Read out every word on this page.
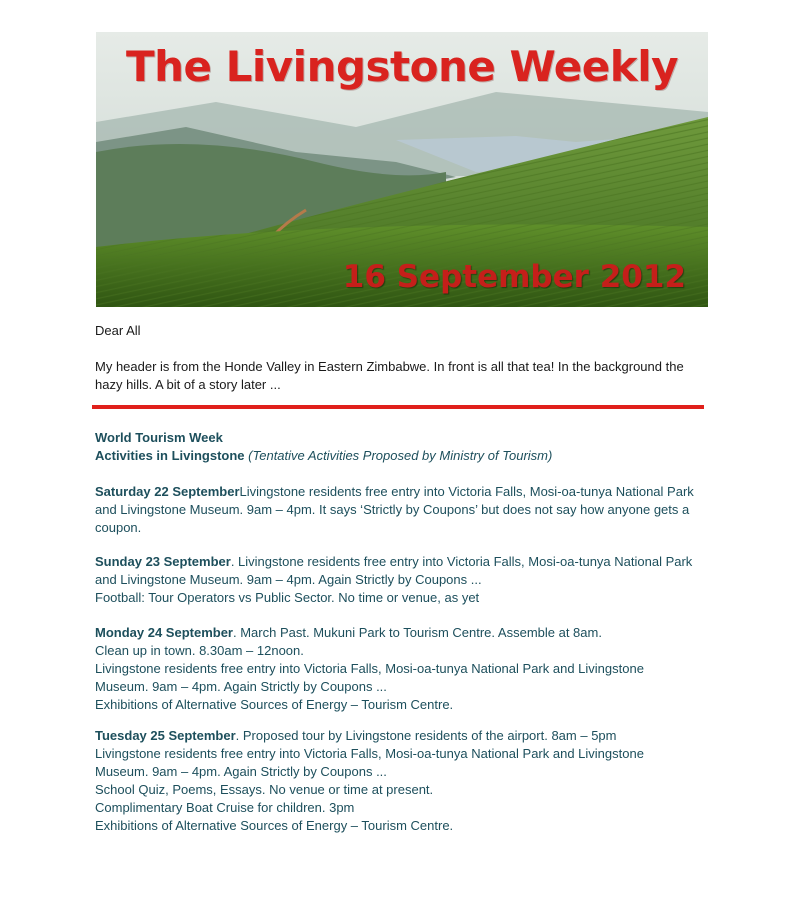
The Livingstone Weekly
16 September 2012
Dear All
My header is from the Honde Valley in Eastern Zimbabwe. In front is all that tea! In the background the hazy hills. A bit of a story later ...
World Tourism Week
Activities in Livingstone (Tentative Activities Proposed by Ministry of Tourism)
Saturday 22 SeptemberLivingstone residents free entry into Victoria Falls, Mosi-oa-tunya National Park
and Livingstone Museum. 9am – 4pm. It says ‘Strictly by Coupons’ but does not say how anyone gets a
coupon.
Sunday 23 September. Livingstone residents free entry into Victoria Falls, Mosi-oa-tunya National Park
and Livingstone Museum. 9am – 4pm. Again Strictly by Coupons ...
Football: Tour Operators vs Public Sector. No time or venue, as yet
Monday 24 September. March Past. Mukuni Park to Tourism Centre. Assemble at 8am.
Clean up in town. 8.30am – 12noon.
Livingstone residents free entry into Victoria Falls, Mosi-oa-tunya National Park and Livingstone
Museum. 9am – 4pm. Again Strictly by Coupons ...
Exhibitions of Alternative Sources of Energy – Tourism Centre.
Tuesday 25 September. Proposed tour by Livingstone residents of the airport. 8am – 5pm
Livingstone residents free entry into Victoria Falls, Mosi-oa-tunya National Park and Livingstone
Museum. 9am – 4pm. Again Strictly by Coupons ...
School Quiz, Poems, Essays. No venue or time at present.
Complimentary Boat Cruise for children. 3pm
Exhibitions of Alternative Sources of Energy – Tourism Centre.
